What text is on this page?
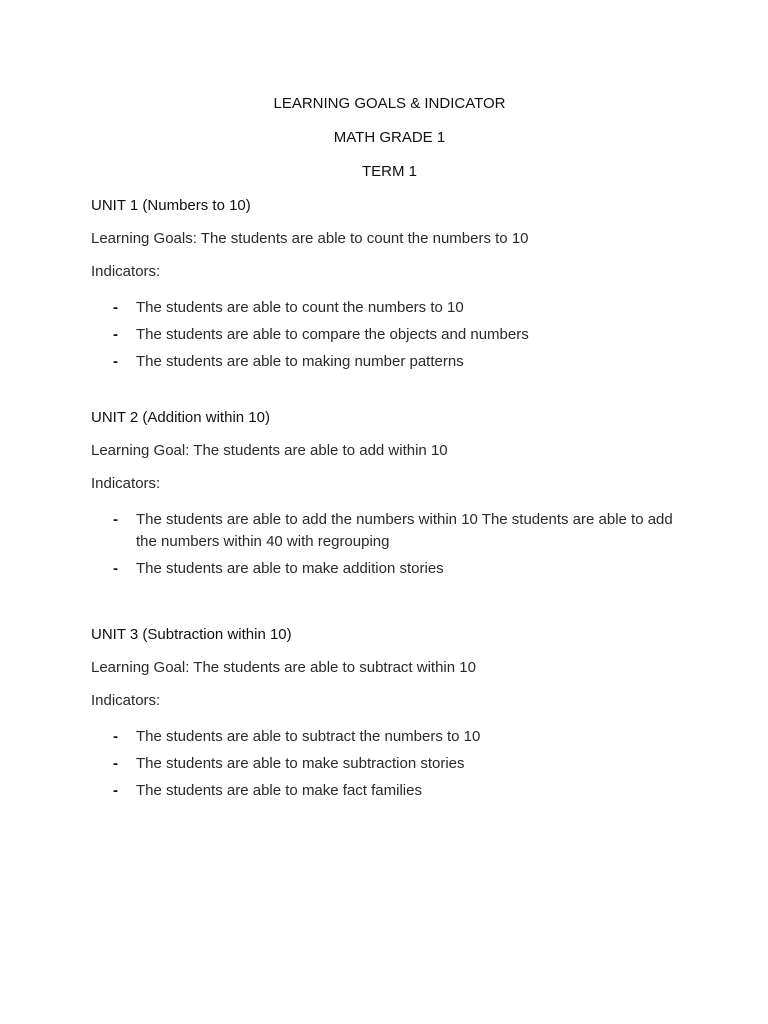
LEARNING GOALS & INDICATOR
MATH GRADE 1
TERM 1
UNIT 1 (Numbers to 10)
Learning Goals: The students are able to count the numbers to 10
Indicators:
- The students are able to count the numbers to 10
- The students are able to compare the objects and numbers
- The students are able to making number patterns
UNIT 2 (Addition within 10)
Learning Goal: The students are able to add within 10
Indicators:
- The students are able to add the numbers within 10 The students are able to add the numbers within 40 with regrouping
- The students are able to make addition stories
UNIT 3 (Subtraction within 10)
Learning Goal: The students are able to subtract within 10
Indicators:
- The students are able to subtract the numbers to 10
- The students are able to make subtraction stories
- The students are able to make fact families
